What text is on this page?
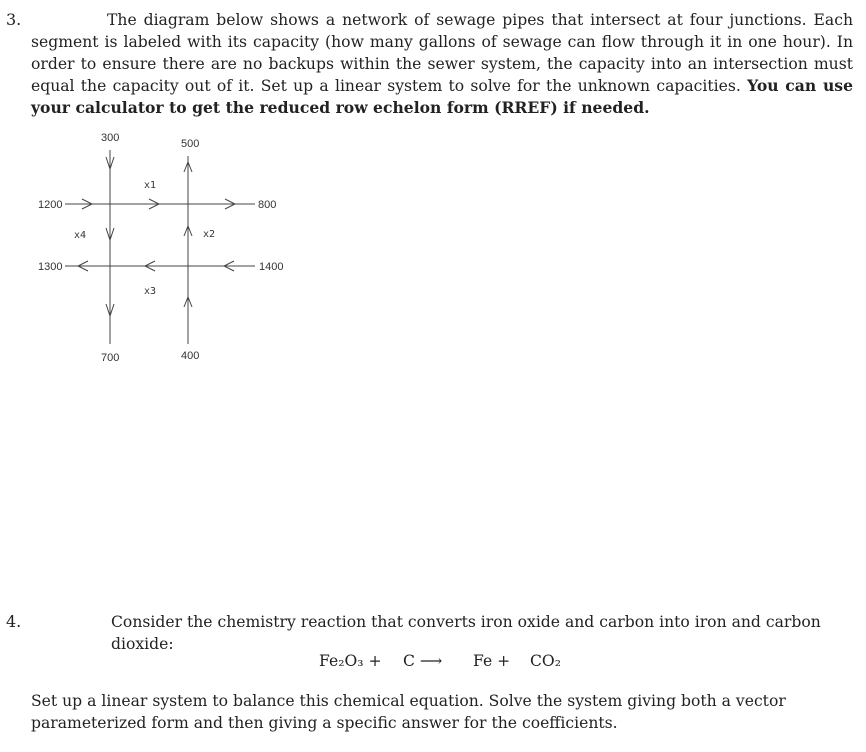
3.	The diagram below shows a network of sewage pipes that intersect at four junctions. Each segment is labeled with its capacity (how many gallons of sewage can flow through it in one hour). In order to ensure there are no backups within the sewer system, the capacity into an intersection must equal the capacity out of it. Set up a linear system to solve for the unknown capacities. You can use your calculator to get the reduced row echelon form (RREF) if needed.
300	500
1200	800
1300	1400
700	400
x1
x2
x3
x4
4.	Consider the chemistry reaction that converts iron oxide and carbon into iron and carbon dioxide:
Fe₂O₃ + C ⟶ Fe + CO₂
Set up a linear system to balance this chemical equation. Solve the system giving both a vector parameterized form and then giving a specific answer for the coefficients.
